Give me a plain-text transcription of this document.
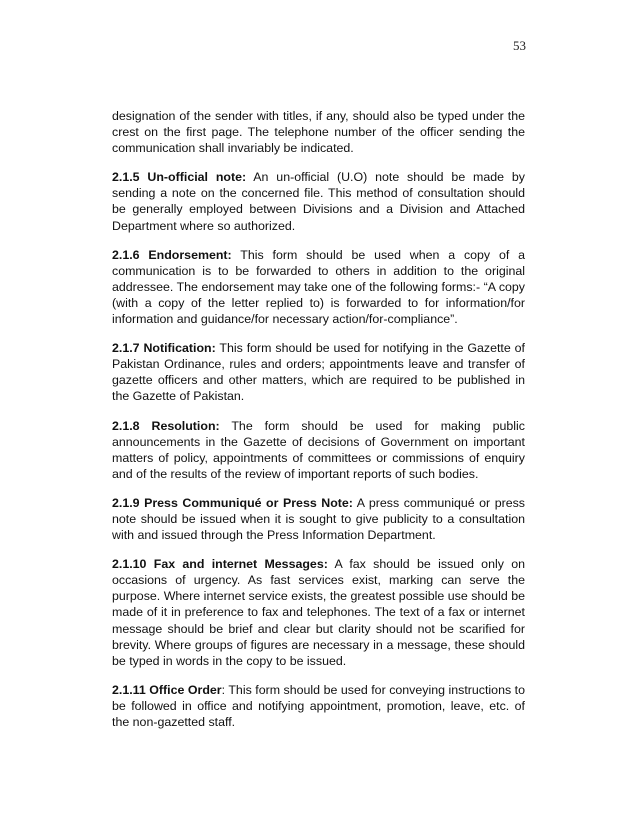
53

designation of the sender with titles, if any, should also be typed under the crest on the first page. The telephone number of the officer sending the communication shall invariably be indicated.

2.1.5 Un-official note: An un-official (U.O) note should be made by sending a note on the concerned file. This method of consultation should be generally employed between Divisions and a Division and Attached Department where so authorized.

2.1.6 Endorsement: This form should be used when a copy of a communication is to be forwarded to others in addition to the original addressee. The endorsement may take one of the following forms:- “A copy (with a copy of the letter replied to) is forwarded to for information/for information and guidance/for necessary action/for-compliance”.

2.1.7 Notification: This form should be used for notifying in the Gazette of Pakistan Ordinance, rules and orders; appointments leave and transfer of gazette officers and other matters, which are required to be published in the Gazette of Pakistan.

2.1.8 Resolution: The form should be used for making public announcements in the Gazette of decisions of Government on important matters of policy, appointments of committees or commissions of enquiry and of the results of the review of important reports of such bodies.

2.1.9 Press Communiqué or Press Note: A press communiqué or press note should be issued when it is sought to give publicity to a consultation with and issued through the Press Information Department.

2.1.10 Fax and internet Messages: A fax should be issued only on occasions of urgency. As fast services exist, marking can serve the purpose. Where internet service exists, the greatest possible use should be made of it in preference to fax and telephones. The text of a fax or internet message should be brief and clear but clarity should not be scarified for brevity. Where groups of figures are necessary in a message, these should be typed in words in the copy to be issued.

2.1.11 Office Order: This form should be used for conveying instructions to be followed in office and notifying appointment, promotion, leave, etc. of the non-gazetted staff.
